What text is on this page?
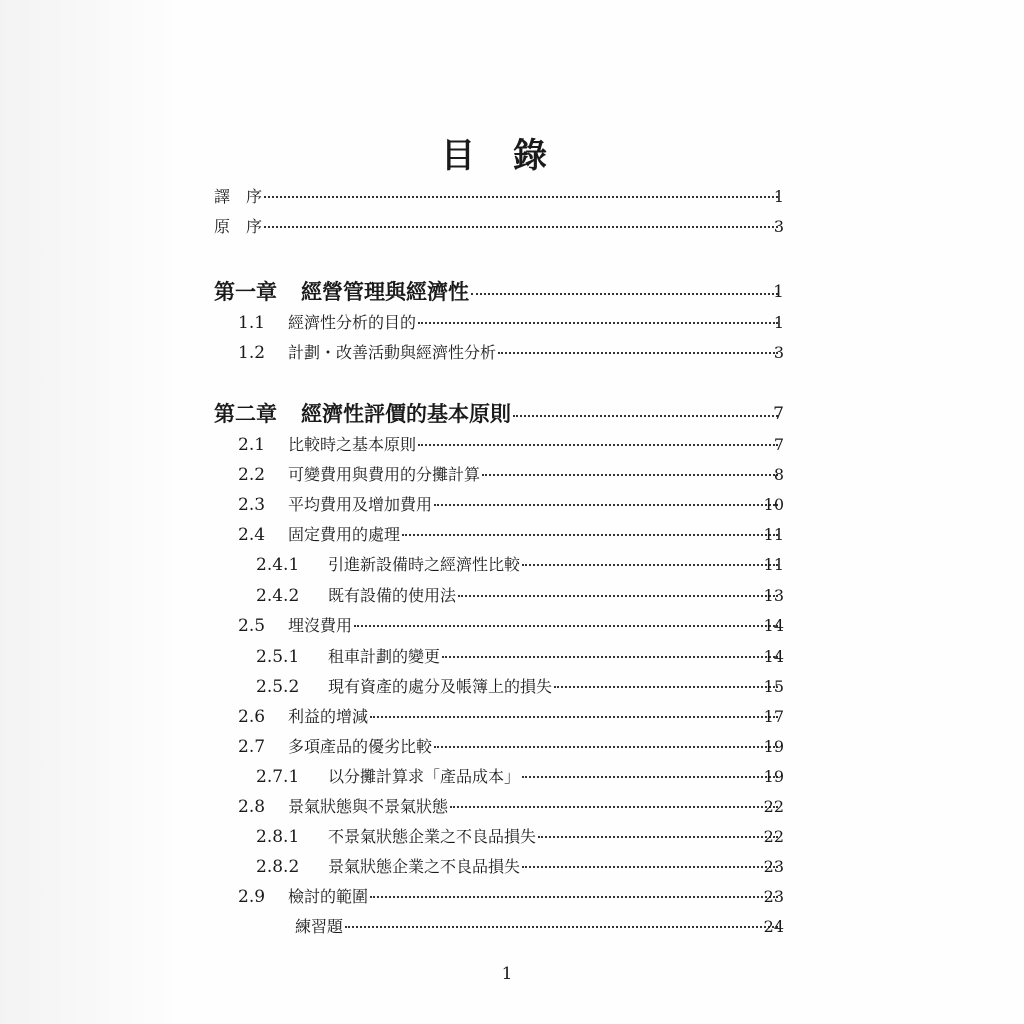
目　錄
譯　序	1
原　序	3
第一章 經營管理與經濟性	1
1.1	經濟性分析的目的	1
1.2	計劃・改善活動與經濟性分析	3
第二章 經濟性評價的基本原則	7
2.1	比較時之基本原則	7
2.2	可變費用與費用的分攤計算	8
2.3	平均費用及增加費用	10
2.4	固定費用的處理	11
2.4.1	引進新設備時之經濟性比較	11
2.4.2	既有設備的使用法	13
2.5	埋沒費用	14
2.5.1	租車計劃的變更	14
2.5.2	現有資產的處分及帳簿上的損失	15
2.6	利益的增減	17
2.7	多項產品的優劣比較	19
2.7.1	以分攤計算求「產品成本」	19
2.8	景氣狀態與不景氣狀態	22
2.8.1	不景氣狀態企業之不良品損失	22
2.8.2	景氣狀態企業之不良品損失	23
2.9	檢討的範圍	23
練習題	24
1
